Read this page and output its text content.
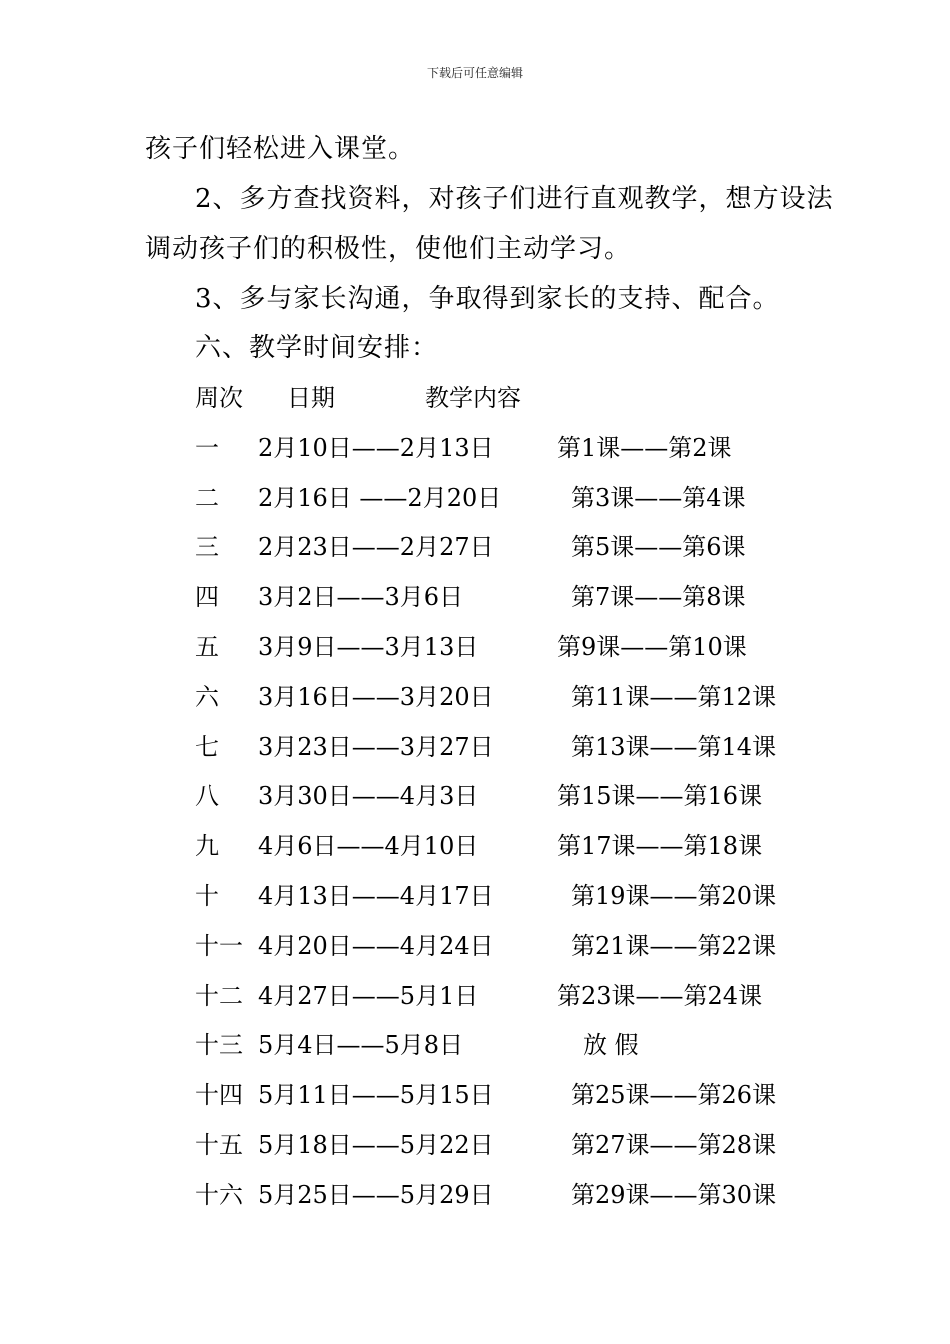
下载后可任意编辑
孩子们轻松进入课堂。
2、多方查找资料，对孩子们进行直观教学，想方设法
调动孩子们的积极性，使他们主动学习。
3、多与家长沟通，争取得到家长的支持、配合。
六、教学时间安排：
周次 日期	教学内容
一 2月10日——2月13日	第1课——第2课
二 2月16日 ——2月20日	第3课——第4课
三 2月23日——2月27日	第5课——第6课
四 3月2日——3月6日	第7课——第8课
五 3月9日——3月13日	第9课——第10课
六 3月16日——3月20日	第11课——第12课
七 3月23日——3月27日	第13课——第14课
八 3月30日——4月3日	第15课——第16课
九 4月6日——4月10日	第17课——第18课
十 4月13日——4月17日	第19课——第20课
十一 4月20日——4月24日	第21课——第22课
十二 4月27日——5月1日	第23课——第24课
十三 5月4日——5月8日	放 假
十四 5月11日——5月15日	第25课——第26课
十五 5月18日——5月22日	第27课——第28课
十六 5月25日——5月29日	第29课——第30课
